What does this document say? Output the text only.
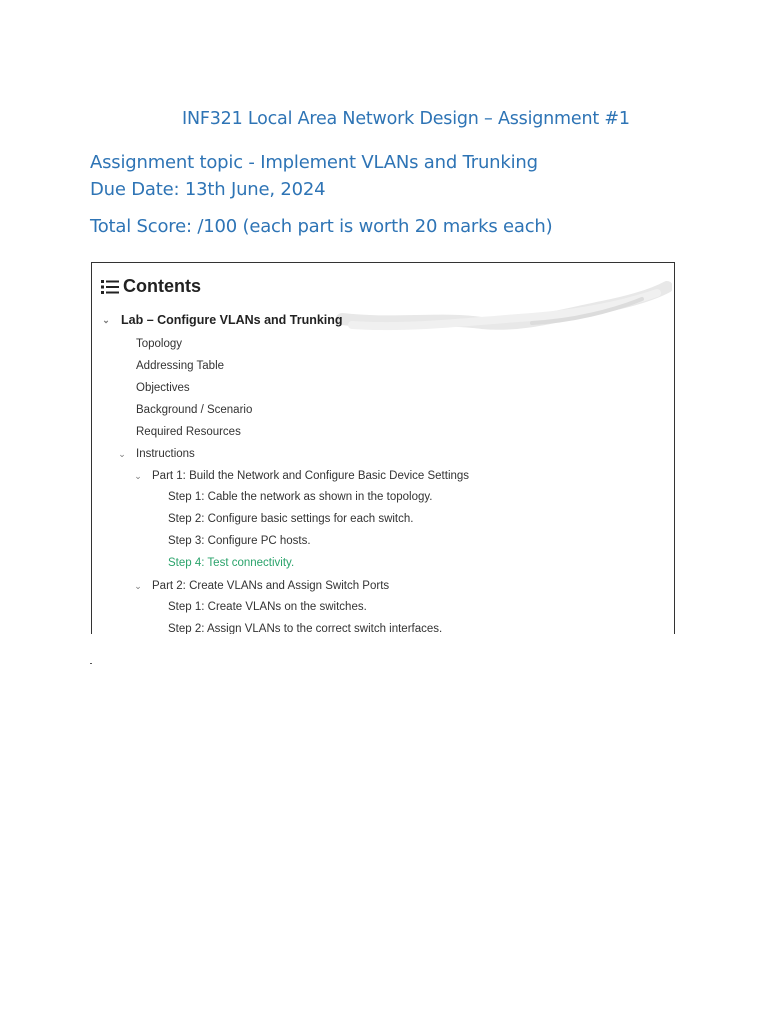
INF321 Local Area Network Design – Assignment #1
Assignment topic - Implement VLANs and Trunking
Due Date: 13th June, 2024
Total Score: /100 (each part is worth 20 marks each)
Contents
⌄ Lab – Configure VLANs and Trunking
Topology
Addressing Table
Objectives
Background / Scenario
Required Resources
⌄ Instructions
⌄ Part 1: Build the Network and Configure Basic Device Settings
Step 1: Cable the network as shown in the topology.
Step 2: Configure basic settings for each switch.
Step 3: Configure PC hosts.
Step 4: Test connectivity.
⌄ Part 2: Create VLANs and Assign Switch Ports
Step 1: Create VLANs on the switches.
Step 2: Assign VLANs to the correct switch interfaces.
